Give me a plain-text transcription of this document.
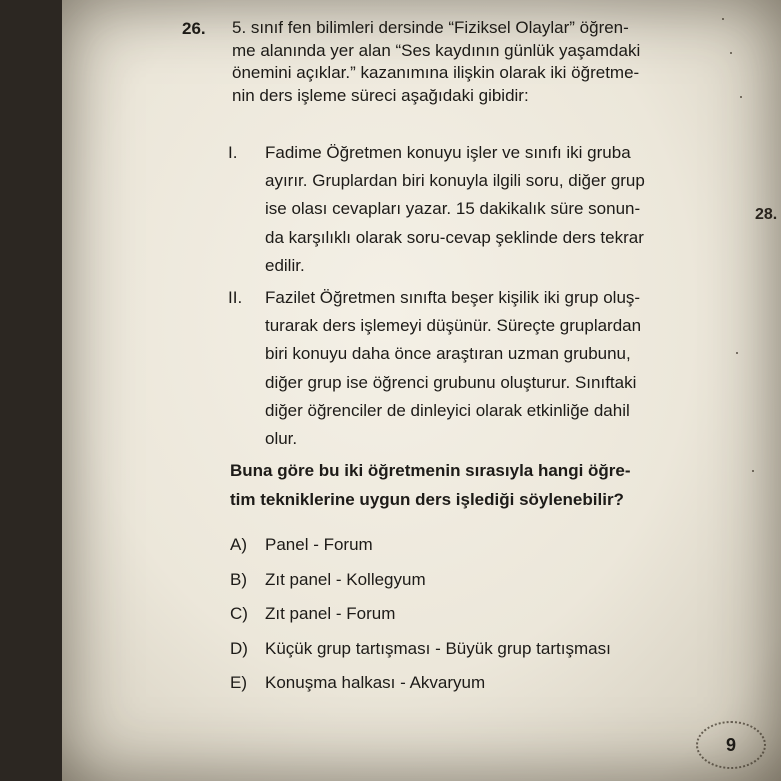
26. 5. sınıf fen bilimleri dersinde “Fiziksel Olaylar” öğren-
me alanında yer alan “Ses kaydının günlük yaşamdaki
önemini açıklar.” kazanımına ilişkin olarak iki öğretme-
nin ders işleme süreci aşağıdaki gibidir:
I. Fadime Öğretmen konuyu işler ve sınıfı iki gruba
ayırır. Gruplardan biri konuyla ilgili soru, diğer grup
ise olası cevapları yazar. 15 dakikalık süre sonun-
da karşılıklı olarak soru-cevap şeklinde ders tekrar
edilir.
II. Fazilet Öğretmen sınıfta beşer kişilik iki grup oluş-
turarak ders işlemeyi düşünür. Süreçte gruplardan
biri konuyu daha önce araştıran uzman grubunu,
diğer grup ise öğrenci grubunu oluşturur. Sınıftaki
diğer öğrenciler de dinleyici olarak etkinliğe dahil
olur.
Buna göre bu iki öğretmenin sırasıyla hangi öğre-
tim tekniklerine uygun ders işlediği söylenebilir?
A) Panel - Forum
B) Zıt panel - Kollegyum
C) Zıt panel - Forum
D) Küçük grup tartışması - Büyük grup tartışması
E) Konuşma halkası - Akvaryum
28.
9
